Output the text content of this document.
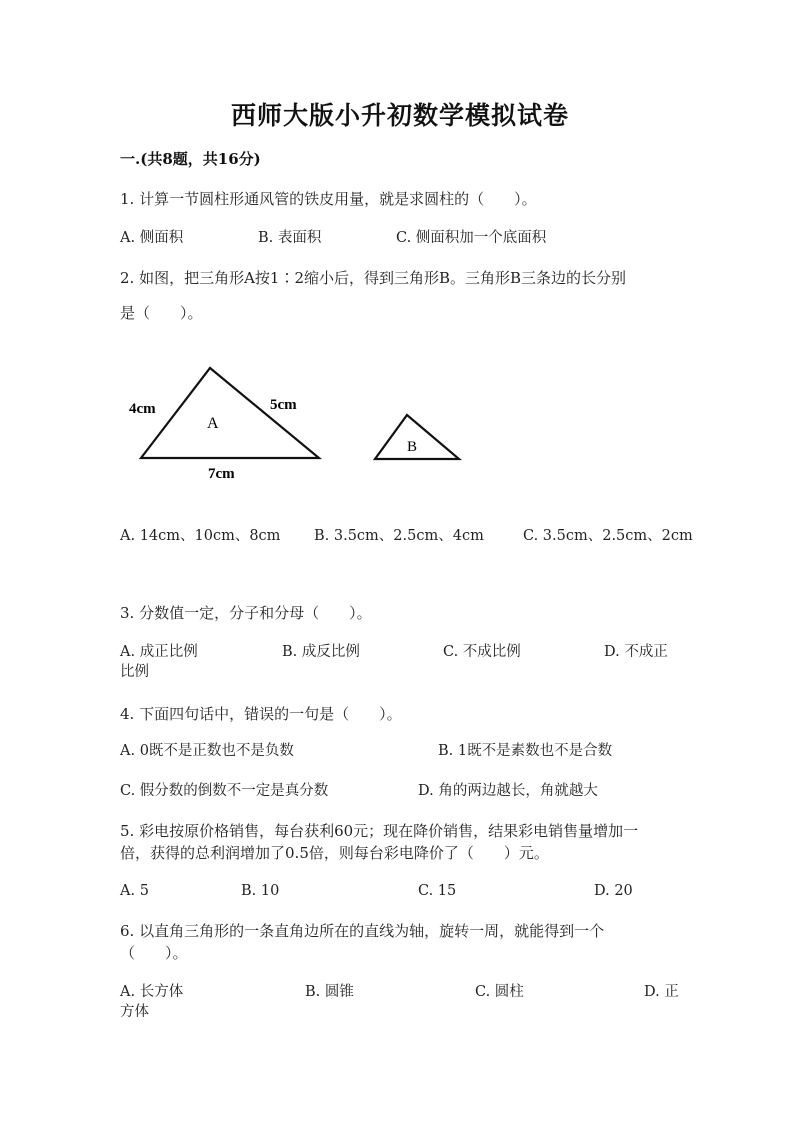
西师大版小升初数学模拟试卷
一.(共8题，共16分)
1. 计算一节圆柱形通风管的铁皮用量，就是求圆柱的（　　）。
A. 侧面积	B. 表面积	C. 侧面积加一个底面积
2. 如图，把三角形A按1∶2缩小后，得到三角形B。三角形B三条边的长分别
是（　　）。
A
4cm	5cm
7cm
B
A. 14cm、10cm、8cm B. 3.5cm、2.5cm、4cm	C. 3.5cm、2.5cm、2cm
3. 分数值一定，分子和分母（　　）。
A. 成正比例	B. 成反比例	C. 不成比例	D. 不成正
比例
4. 下面四句话中，错误的一句是（　　）。
A. 0既不是正数也不是负数	B. 1既不是素数也不是合数
C. 假分数的倒数不一定是真分数	D. 角的两边越长，角就越大
5. 彩电按原价格销售，每台获利60元；现在降价销售，结果彩电销售量增加一
倍，获得的总利润增加了0.5倍，则每台彩电降价了（　　）元。
A. 5	B. 10	C. 15	D. 20
6. 以直角三角形的一条直角边所在的直线为轴，旋转一周，就能得到一个
（　　）。
A. 长方体	B. 圆锥	C. 圆柱	D. 正
方体
